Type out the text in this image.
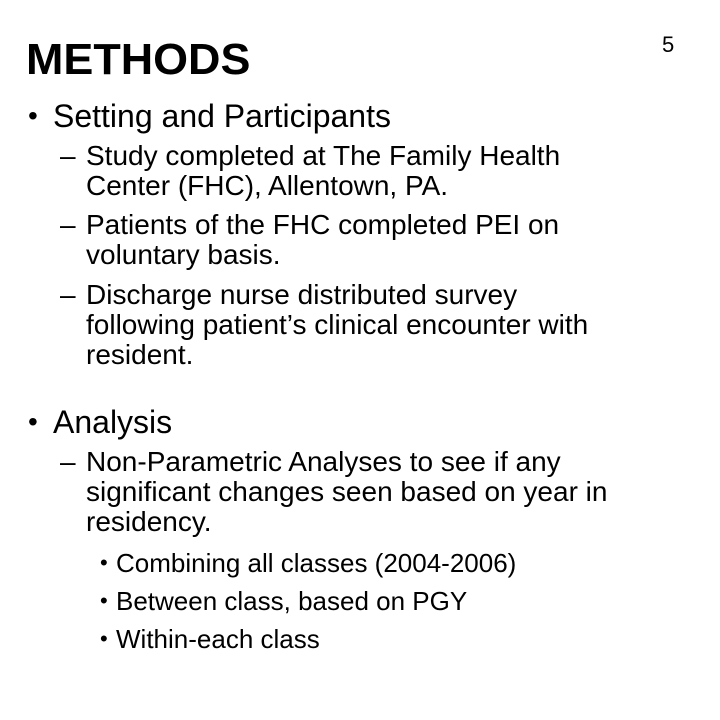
METHODS	5
• Setting and Participants
– Study completed at The Family Health
Center (FHC), Allentown, PA.
– Patients of the FHC completed PEI on
voluntary basis.
– Discharge nurse distributed survey
following patient’s clinical encounter with
resident.
• Analysis
– Non-Parametric Analyses to see if any
significant changes seen based on year in
residency.
• Combining all classes (2004-2006)
• Between class, based on PGY
• Within-each class
